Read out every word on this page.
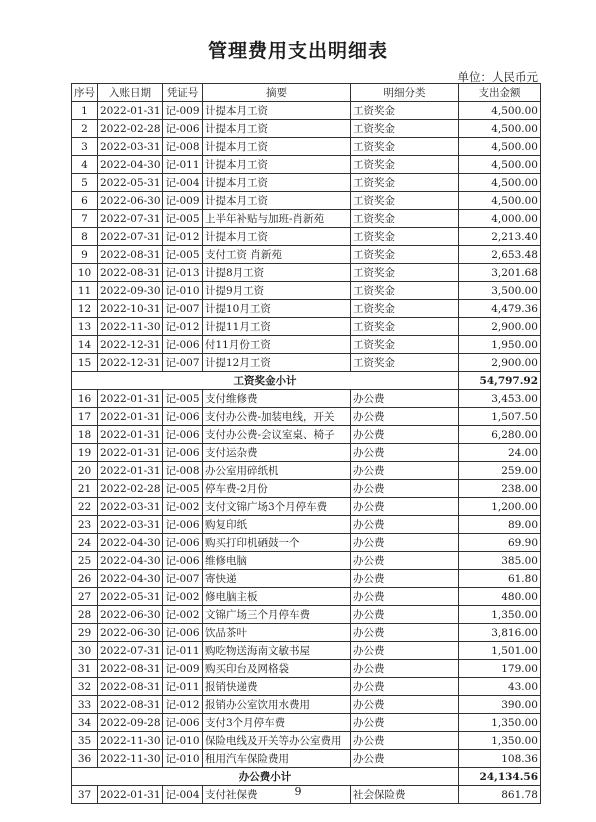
管理费用支出明细表
单位：人民币元
序号	入账日期	凭证号	摘要	明细分类	支出金额
1	2022-01-31	记-009	计提本月工资	工资奖金	4,500.00
2	2022-02-28	记-006	计提本月工资	工资奖金	4,500.00
3	2022-03-31	记-008	计提本月工资	工资奖金	4,500.00
4	2022-04-30	记-011	计提本月工资	工资奖金	4,500.00
5	2022-05-31	记-004	计提本月工资	工资奖金	4,500.00
6	2022-06-30	记-009	计提本月工资	工资奖金	4,500.00
7	2022-07-31	记-005	上半年补贴与加班-肖新苑	工资奖金	4,000.00
8	2022-07-31	记-012	计提本月工资	工资奖金	2,213.40
9	2022-08-31	记-005	支付工资 肖新苑	工资奖金	2,653.48
10	2022-08-31	记-013	计提8月工资	工资奖金	3,201.68
11	2022-09-30	记-010	计提9月工资	工资奖金	3,500.00
12	2022-10-31	记-007	计提10月工资	工资奖金	4,479.36
13	2022-11-30	记-012	计提11月工资	工资奖金	2,900.00
14	2022-12-31	记-006	付11月份工资	工资奖金	1,950.00
15	2022-12-31	记-007	计提12月工资	工资奖金	2,900.00
工资奖金小计					54,797.92
16	2022-01-31	记-005	支付维修费	办公费	3,453.00
17	2022-01-31	记-006	支付办公费-加装电线，开关	办公费	1,507.50
18	2022-01-31	记-006	支付办公费-会议室桌、椅子	办公费	6,280.00
19	2022-01-31	记-006	支付运杂费	办公费	24.00
20	2022-01-31	记-008	办公室用碎纸机	办公费	259.00
21	2022-02-28	记-005	停车费-2月份	办公费	238.00
22	2022-03-31	记-002	支付文锦广场3个月停车费	办公费	1,200.00
23	2022-03-31	记-006	购复印纸	办公费	89.00
24	2022-04-30	记-006	购买打印机硒鼓一个	办公费	69.90
25	2022-04-30	记-006	维修电脑	办公费	385.00
26	2022-04-30	记-007	寄快递	办公费	61.80
27	2022-05-31	记-002	修电脑主板	办公费	480.00
28	2022-06-30	记-002	文锦广场三个月停车费	办公费	1,350.00
29	2022-06-30	记-006	饮品茶叶	办公费	3,816.00
30	2022-07-31	记-011	购吃物送海南文敏书屋	办公费	1,501.00
31	2022-08-31	记-009	购买印台及网格袋	办公费	179.00
32	2022-08-31	记-011	报销快递费	办公费	43.00
33	2022-08-31	记-012	报销办公室饮用水费用	办公费	390.00
34	2022-09-28	记-006	支付3个月停车费	办公费	1,350.00
35	2022-11-30	记-010	保险电线及开关等办公室费用	办公费	1,350.00
36	2022-11-30	记-010	租用汽车保险费用	办公费	108.36
办公费小计					24,134.56
37	2022-01-31	记-004	支付社保费	社会保险费	861.78
9
